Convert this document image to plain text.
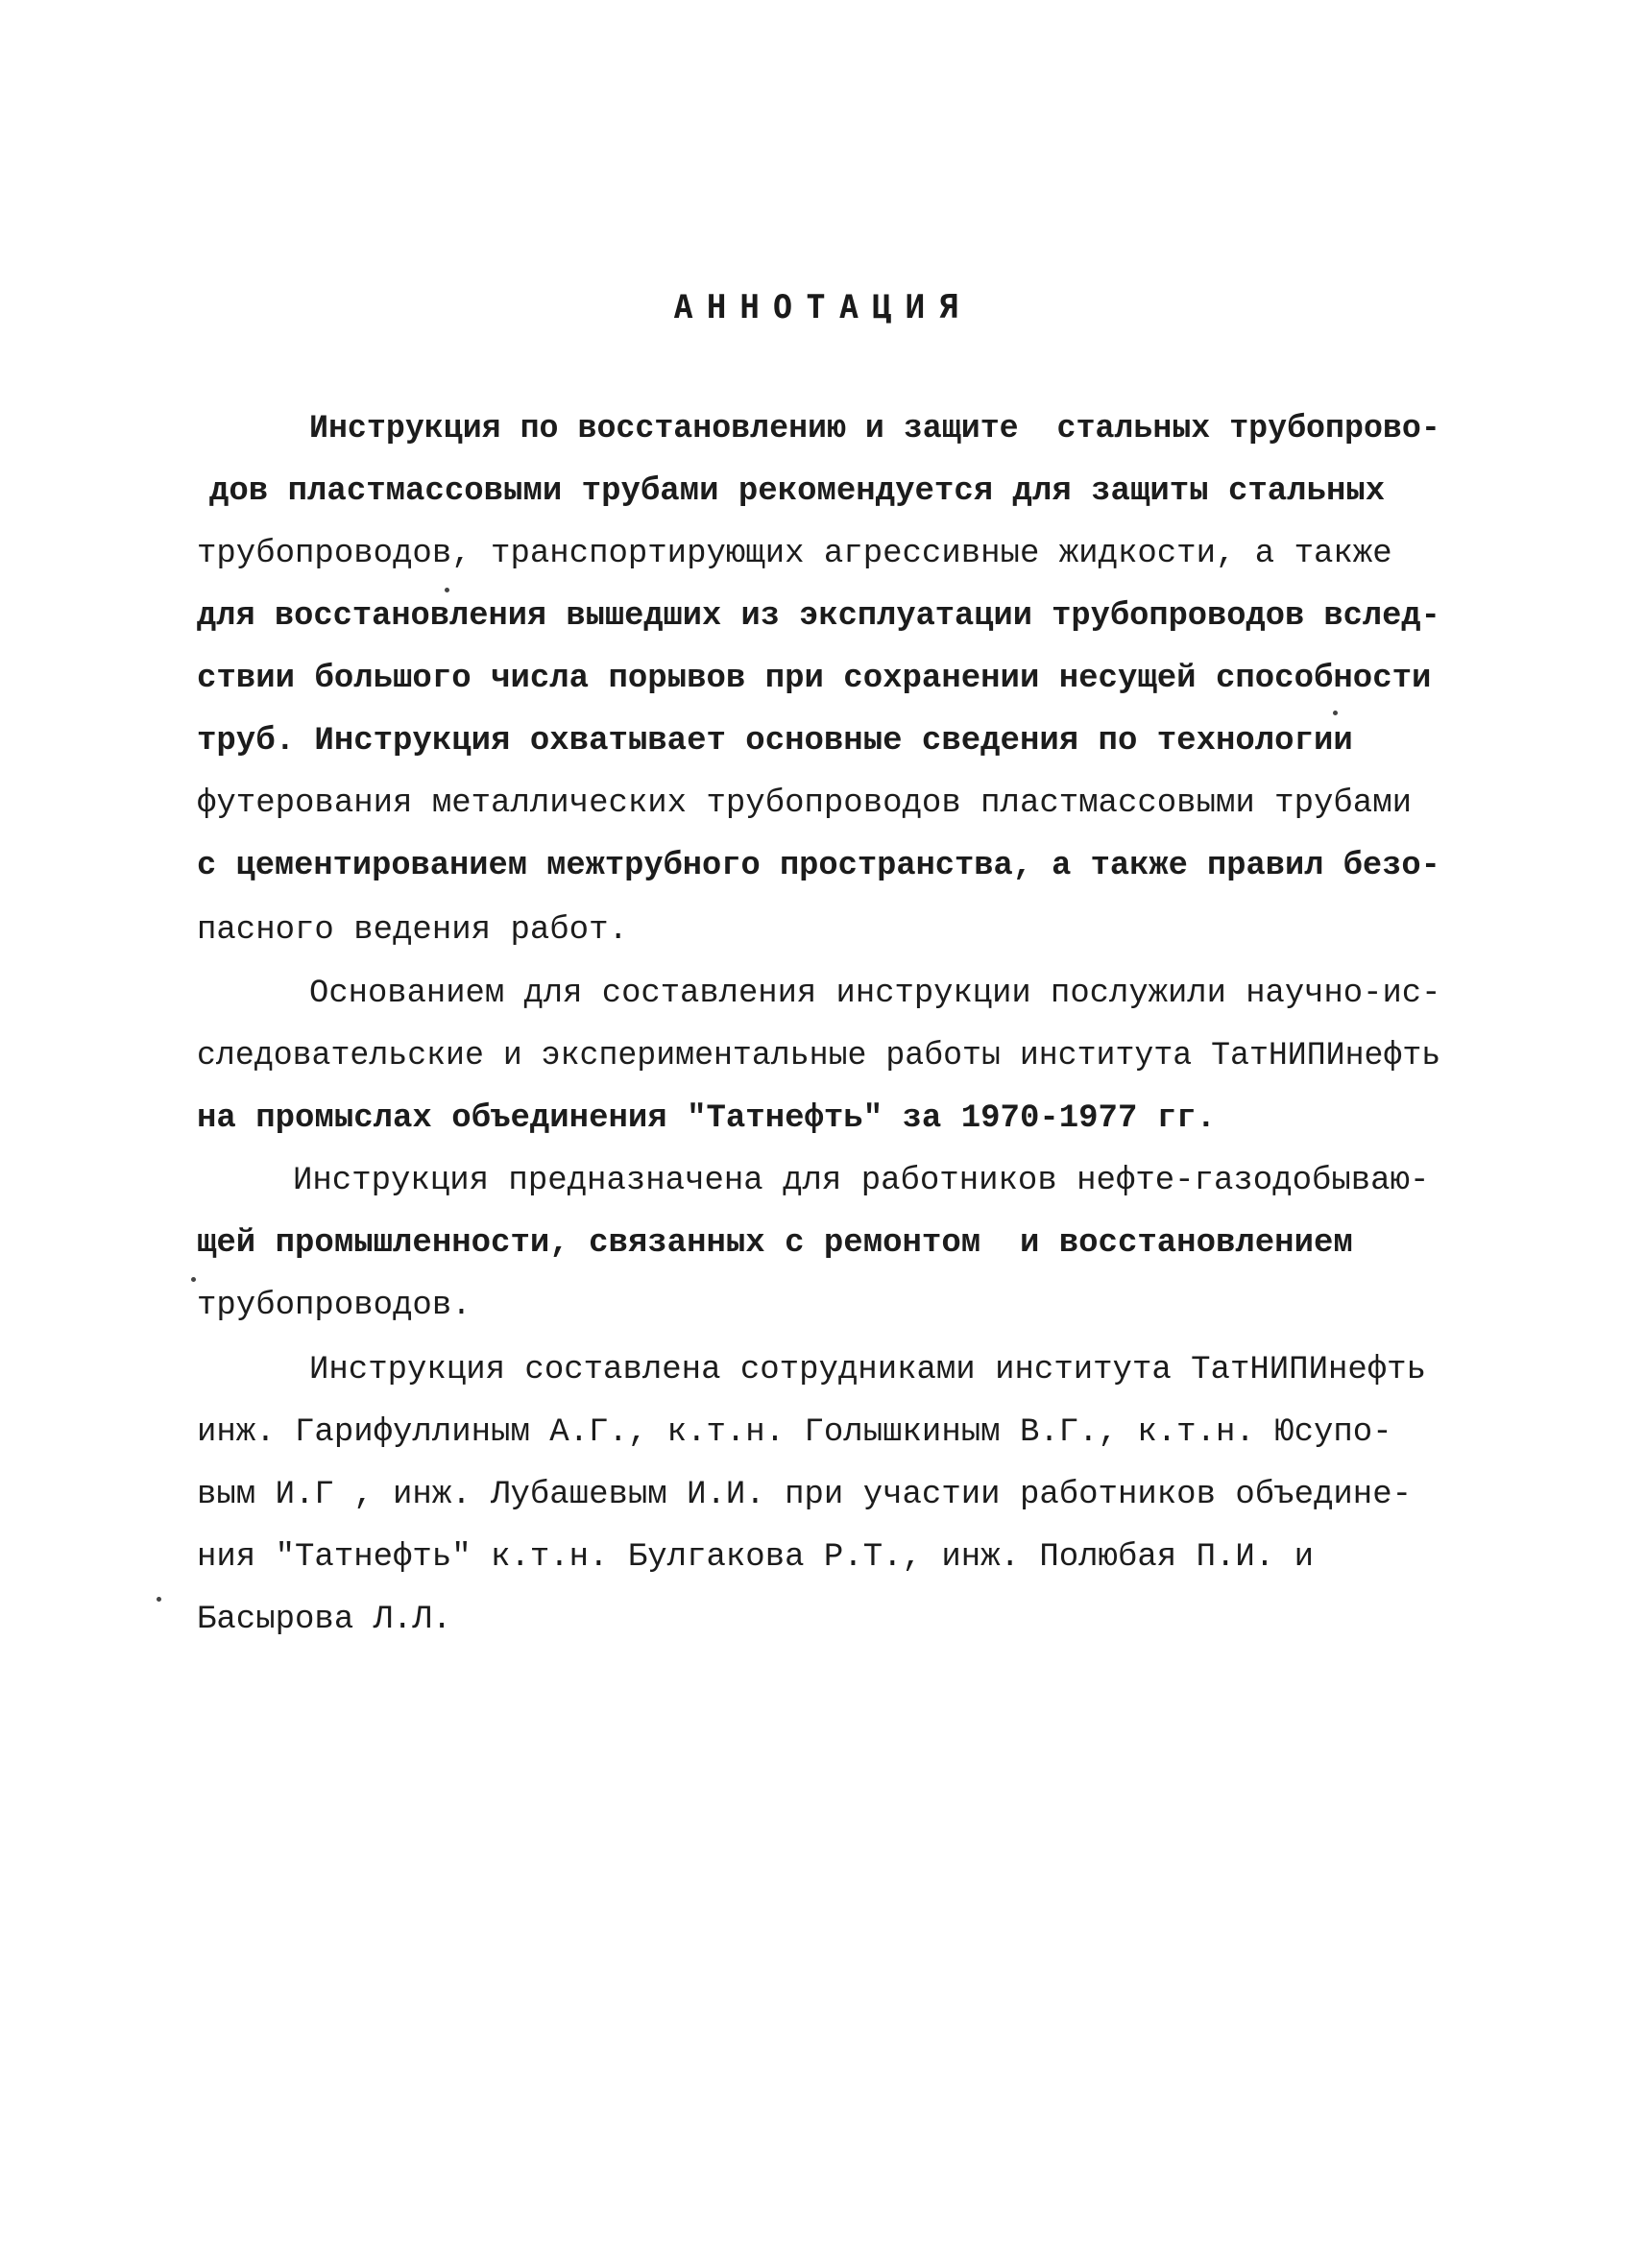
АННОТАЦИЯ
Инструкция по восстановлению и защите  стальных трубопрово-
дов пластмассовыми трубами рекомендуется для защиты стальных
трубопроводов, транспортирующих агрессивные жидкости, а также
для восстановления вышедших из эксплуатации трубопроводов вслед-
ствии большого числа порывов при сохранении несущей способности
труб. Инструкция охватывает основные сведения по технологии
футерования металлических трубопроводов пластмассовыми трубами
с цементированием межтрубного пространства, а также правил безо-
пасного ведения работ.
Основанием для составления инструкции послужили научно-ис-
следовательские и экспериментальные работы института ТатНИПИнефть
на промыслах объединения "Татнефть" за 1970-1977 гг.
Инструкция предназначена для работников нефте-газодобываю-
щей промышленности, связанных с ремонтом  и восстановлением
трубопроводов.
Инструкция составлена сотрудниками института ТатНИПИнефть
инж. Гарифуллиным А.Г., к.т.н. Голышкиным В.Г., к.т.н. Юсупо-
вым И.Г , инж. Лубашевым И.И. при участии работников объедине-
ния "Татнефть" к.т.н. Булгакова Р.Т., инж. Полюбая П.И. и
Басырова Л.Л.
